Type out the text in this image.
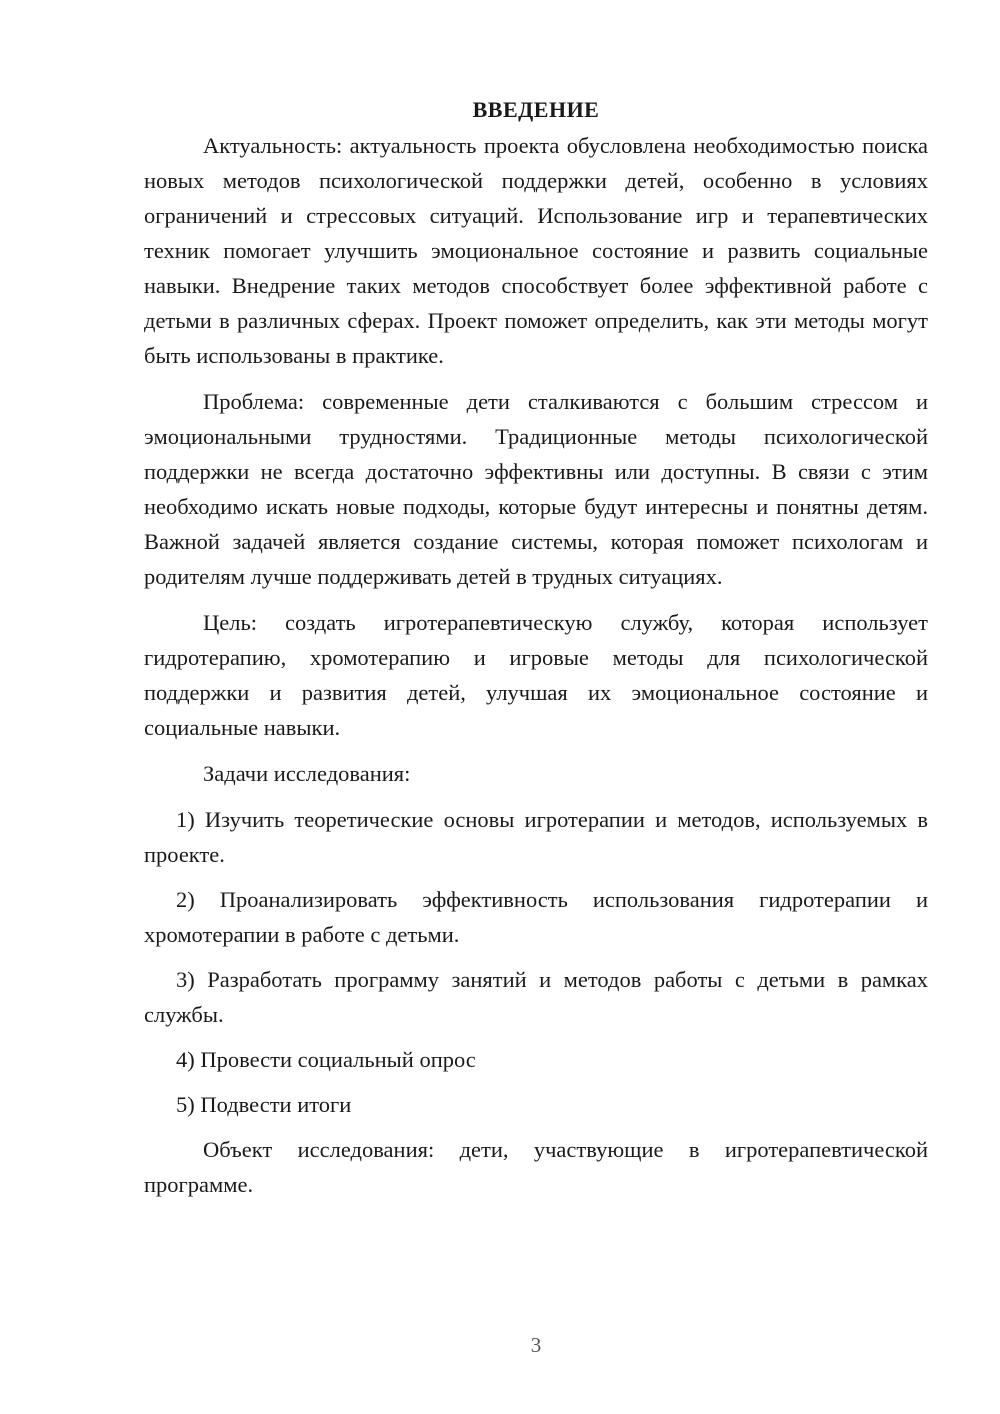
ВВЕДЕНИЕ

Актуальность: актуальность проекта обусловлена необходимостью поиска новых методов психологической поддержки детей, особенно в условиях ограничений и стрессовых ситуаций. Использование игр и терапевтических техник помогает улучшить эмоциональное состояние и развить социальные навыки. Внедрение таких методов способствует более эффективной работе с детьми в различных сферах. Проект поможет определить, как эти методы могут быть использованы в практике.

Проблема: современные дети сталкиваются с большим стрессом и эмоциональными трудностями. Традиционные методы психологической поддержки не всегда достаточно эффективны или доступны. В связи с этим необходимо искать новые подходы, которые будут интересны и понятны детям. Важной задачей является создание системы, которая поможет психологам и родителям лучше поддерживать детей в трудных ситуациях.

Цель: создать игротерапевтическую службу, которая использует гидротерапию, хромотерапию и игровые методы для психологической поддержки и развития детей, улучшая их эмоциональное состояние и социальные навыки.

Задачи исследования:

1) Изучить теоретические основы игротерапии и методов, используемых в проекте.

2) Проанализировать эффективность использования гидротерапии и хромотерапии в работе с детьми.

3) Разработать программу занятий и методов работы с детьми в рамках службы.

4) Провести социальный опрос

5) Подвести итоги

Объект исследования: дети, участвующие в игротерапевтической программе.

3
